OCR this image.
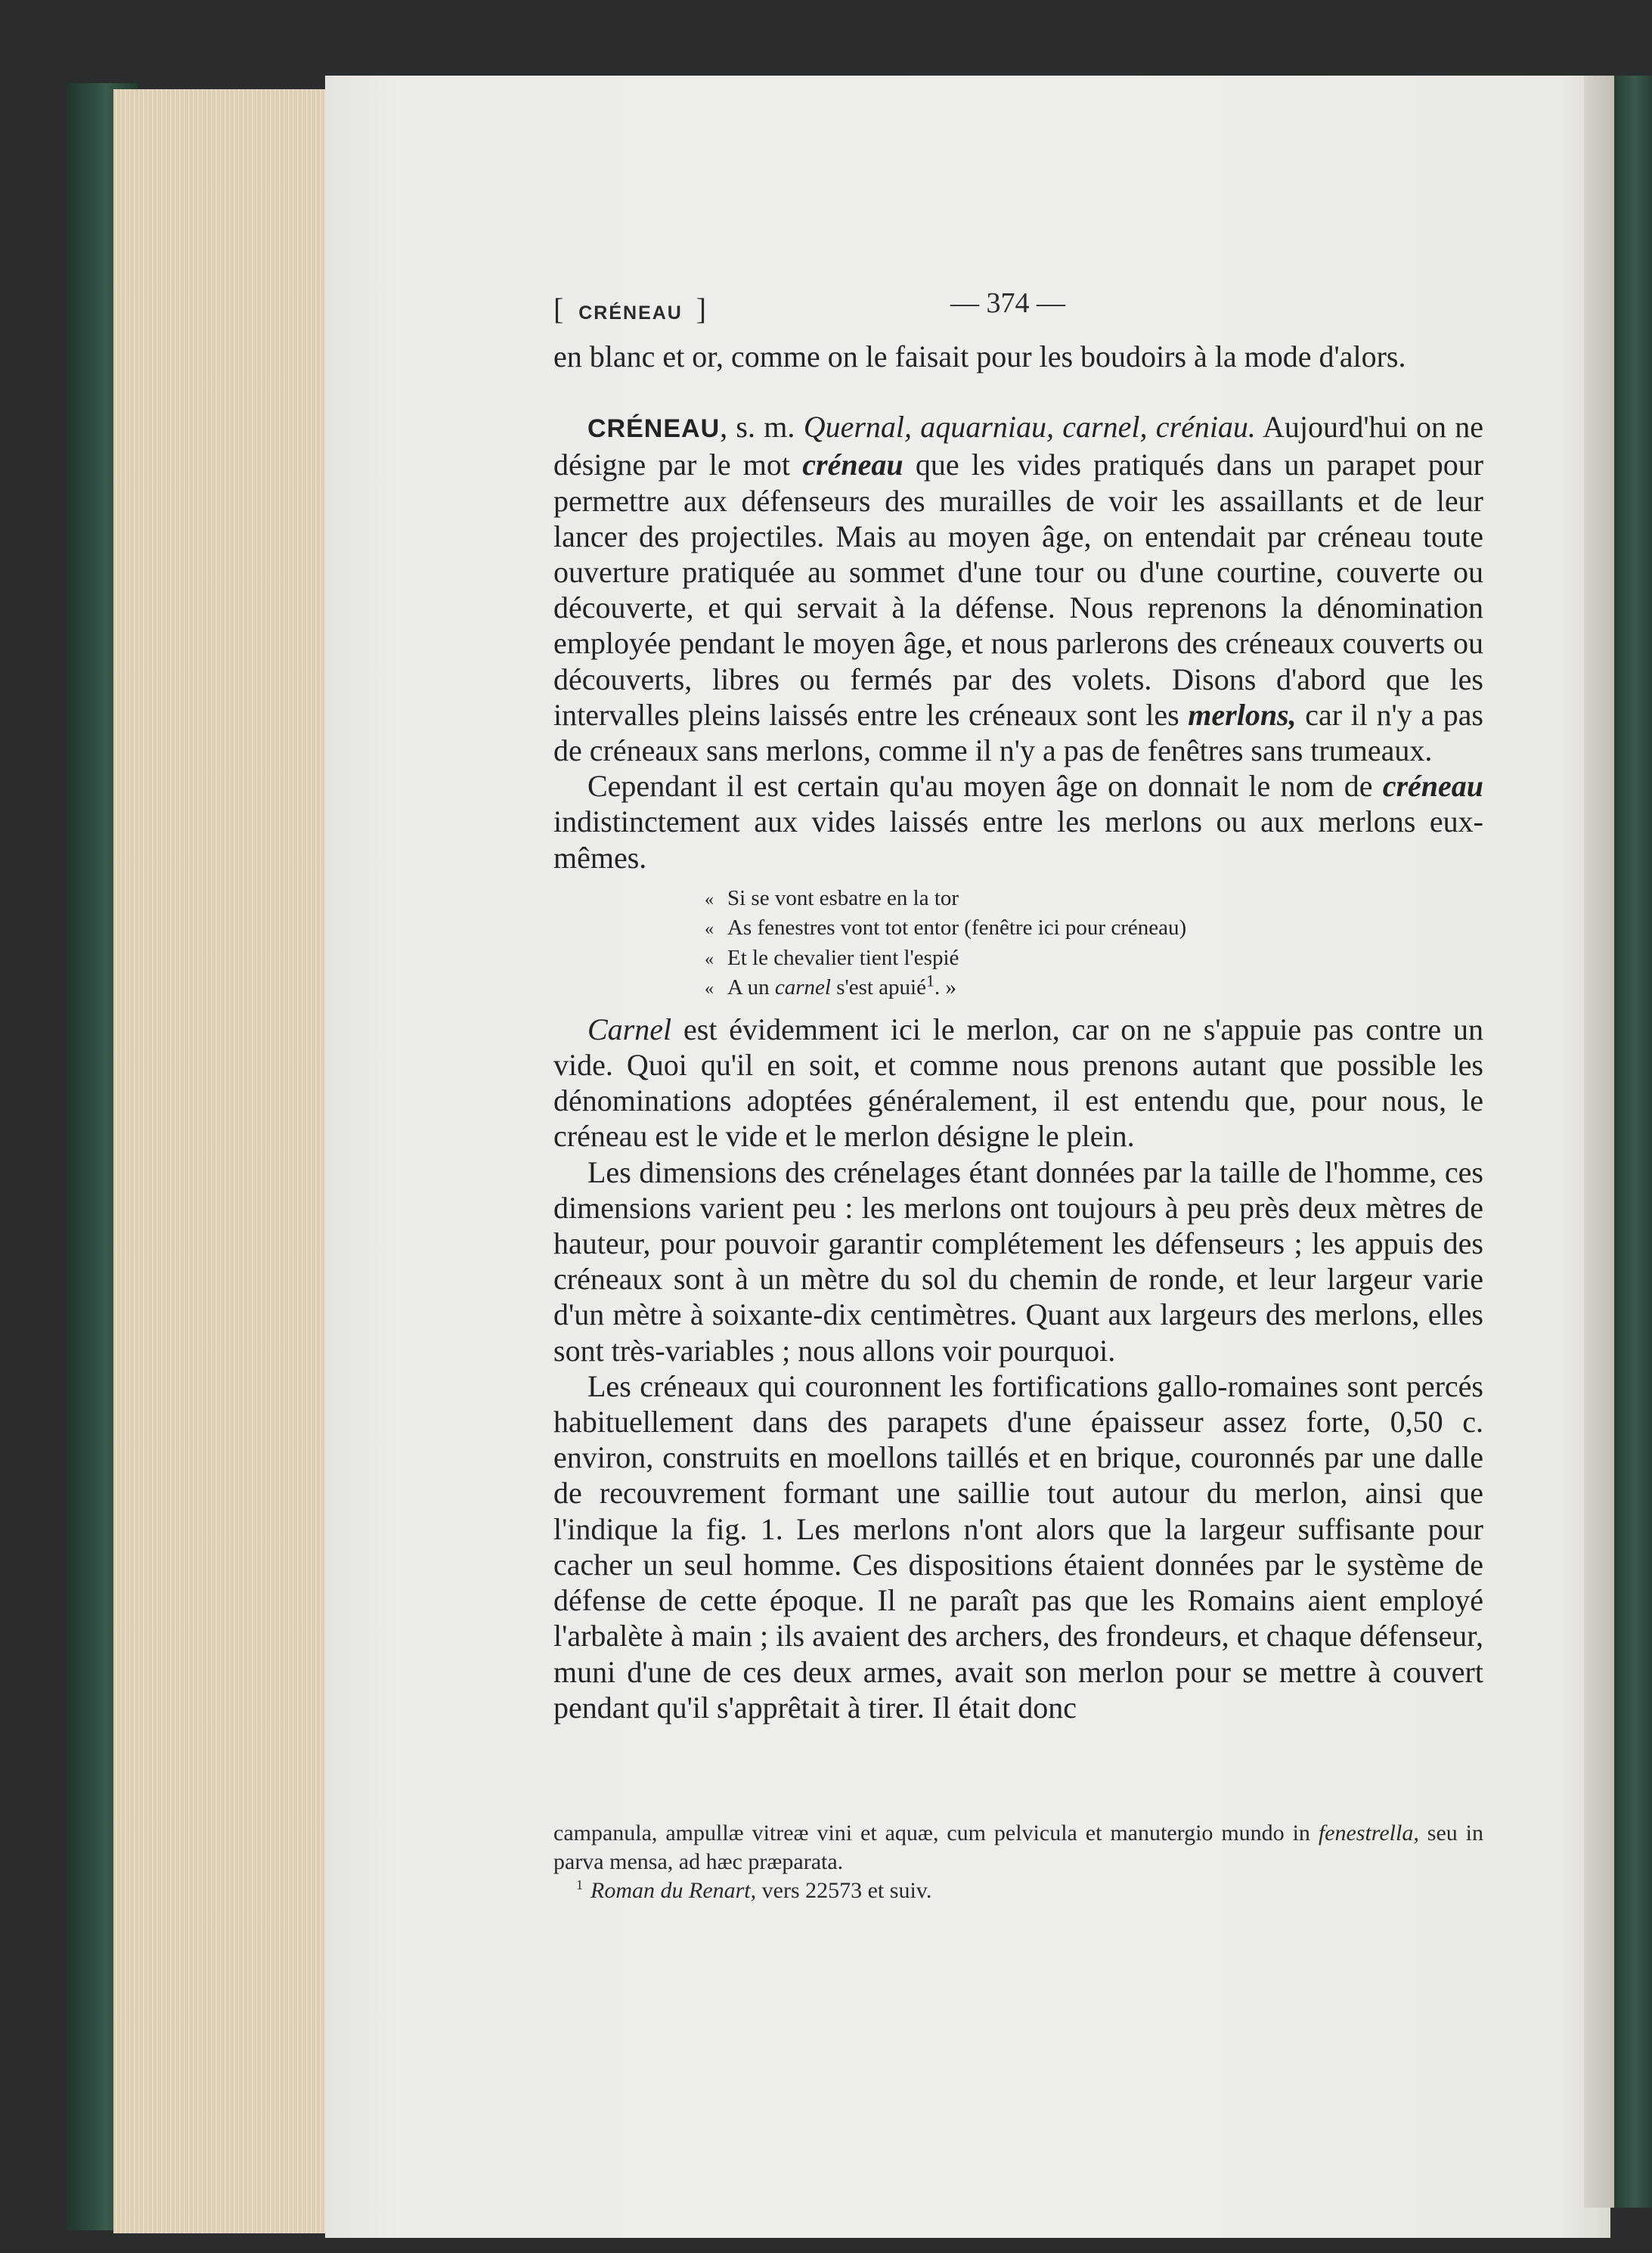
[ CRÉNEAU ]	— 374 —

en blanc et or, comme on le faisait pour les boudoirs à la mode d'alors.

CRÉNEAU, s. m. Quernal, aquarniau, carnel, créniau. Aujourd'hui on ne désigne par le mot créneau que les vides pratiqués dans un parapet pour permettre aux défenseurs des murailles de voir les assaillants et de leur lancer des projectiles. Mais au moyen âge, on entendait par créneau toute ouverture pratiquée au sommet d'une tour ou d'une courtine, couverte ou découverte, et qui servait à la défense. Nous reprenons la dénomination employée pendant le moyen âge, et nous parlerons des créneaux couverts ou découverts, libres ou fermés par des volets. Disons d'abord que les intervalles pleins laissés entre les créneaux sont les merlons, car il n'y a pas de créneaux sans merlons, comme il n'y a pas de fenêtres sans trumeaux.

Cependant il est certain qu'au moyen âge on donnait le nom de créneau indistinctement aux vides laissés entre les merlons ou aux merlons eux-mêmes.

« Si se vont esbatre en la tor
« As fenestres vont tot entor (fenêtre ici pour créneau)
« Et le chevalier tient l'espié
« A un carnel s'est apuié$^1$. »

Carnel est évidemment ici le merlon, car on ne s'appuie pas contre un vide. Quoi qu'il en soit, et comme nous prenons autant que possible les dénominations adoptées généralement, il est entendu que, pour nous, le créneau est le vide et le merlon désigne le plein.

Les dimensions des crénelages étant données par la taille de l'homme, ces dimensions varient peu : les merlons ont toujours à peu près deux mètres de hauteur, pour pouvoir garantir complétement les défenseurs ; les appuis des créneaux sont à un mètre du sol du chemin de ronde, et leur largeur varie d'un mètre à soixante-dix centimètres. Quant aux largeurs des merlons, elles sont très-variables ; nous allons voir pourquoi.

Les créneaux qui couronnent les fortifications gallo-romaines sont percés habituellement dans des parapets d'une épaisseur assez forte, 0,50 c. environ, construits en moellons taillés et en brique, couronnés par une dalle de recouvrement formant une saillie tout autour du merlon, ainsi que l'indique la fig. 1. Les merlons n'ont alors que la largeur suffisante pour cacher un seul homme. Ces dispositions étaient données par le système de défense de cette époque. Il ne paraît pas que les Romains aient employé l'arbalète à main ; ils avaient des archers, des frondeurs, et chaque défenseur, muni d'une de ces deux armes, avait son merlon pour se mettre à couvert pendant qu'il s'apprêtait à tirer. Il était donc

campanula, ampullæ vitreæ vini et aquæ, cum pelvicula et manutergio mundo in fenestrella, seu in parva mensa, ad hæc præparata.

$^1$ Roman du Renart, vers 22573 et suiv.
